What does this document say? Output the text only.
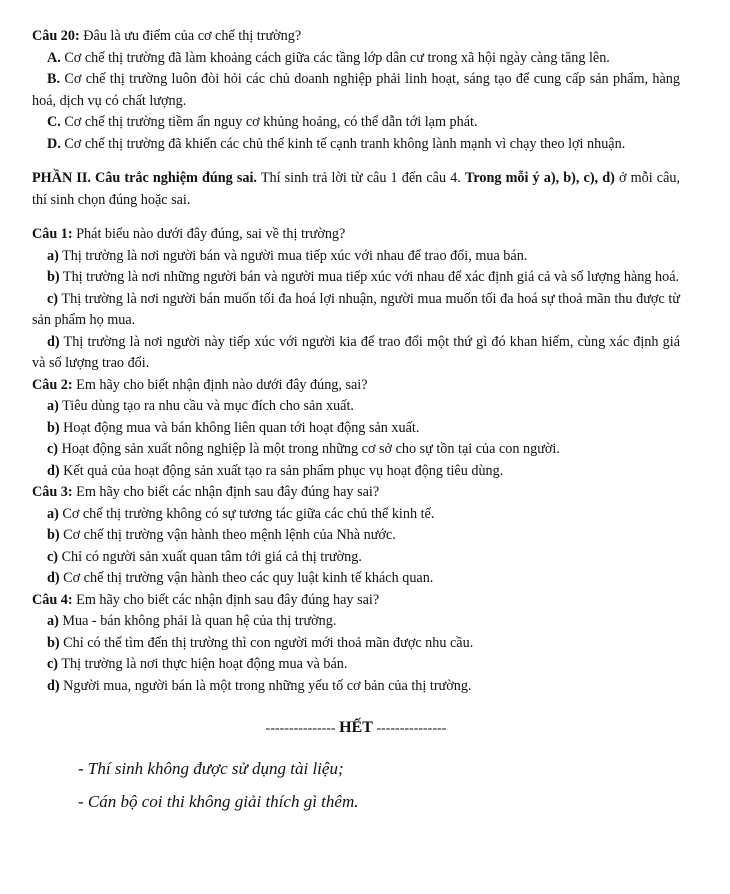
Câu 20: Đâu là ưu điểm của cơ chế thị trường?

A. Cơ chế thị trường đã làm khoảng cách giữa các tầng lớp dân cư trong xã hội ngày càng tăng lên.

B. Cơ chế thị trường luôn đòi hỏi các chủ doanh nghiệp phải linh hoạt, sáng tạo để cung cấp sản phẩm, hàng hoá, dịch vụ có chất lượng.

C. Cơ chế thị trường tiềm ẩn nguy cơ khủng hoảng, có thể dẫn tới lạm phát.

D. Cơ chế thị trường đã khiến các chủ thể kinh tế cạnh tranh không lành mạnh vì chạy theo lợi nhuận.

PHẦN II. Câu trắc nghiệm đúng sai. Thí sinh trả lời từ câu 1 đến câu 4. Trong mỗi ý a), b), c), d) ở mỗi câu, thí sinh chọn đúng hoặc sai.

Câu 1: Phát biểu nào dưới đây đúng, sai về thị trường?

a) Thị trường là nơi người bán và người mua tiếp xúc với nhau để trao đổi, mua bán.

b) Thị trường là nơi những người bán và người mua tiếp xúc với nhau để xác định giá cả và số lượng hàng hoá.

c) Thị trường là nơi người bán muốn tối đa hoá lợi nhuận, người mua muốn tối đa hoá sự thoả mãn thu được từ sản phẩm họ mua.

d) Thị trường là nơi người này tiếp xúc với người kia để trao đổi một thứ gì đó khan hiếm, cùng xác định giá và số lượng trao đổi.

Câu 2: Em hãy cho biết nhận định nào dưới đây đúng, sai?

a) Tiêu dùng tạo ra nhu cầu và mục đích cho sản xuất.

b) Hoạt động mua và bán không liên quan tới hoạt động sản xuất.

c) Hoạt động sản xuất nông nghiệp là một trong những cơ sở cho sự tồn tại của con người.

d) Kết quả của hoạt động sản xuất tạo ra sản phẩm phục vụ hoạt động tiêu dùng.

Câu 3: Em hãy cho biết các nhận định sau đây đúng hay sai?

a) Cơ chế thị trường không có sự tương tác giữa các chủ thể kinh tế.

b) Cơ chế thị trường vận hành theo mệnh lệnh của Nhà nước.

c) Chỉ có người sản xuất quan tâm tới giá cả thị trường.

d) Cơ chế thị trường vận hành theo các quy luật kinh tế khách quan.

Câu 4: Em hãy cho biết các nhận định sau đây đúng hay sai?

a) Mua - bán không phải là quan hệ của thị trường.

b) Chỉ có thể tìm đến thị trường thì con người mới thoả mãn được nhu cầu.

c) Thị trường là nơi thực hiện hoạt động mua và bán.

d) Người mua, người bán là một trong những yếu tố cơ bản của thị trường.

--------------- HẾT ---------------

- Thí sinh không được sử dụng tài liệu;

- Cán bộ coi thi không giải thích gì thêm.
